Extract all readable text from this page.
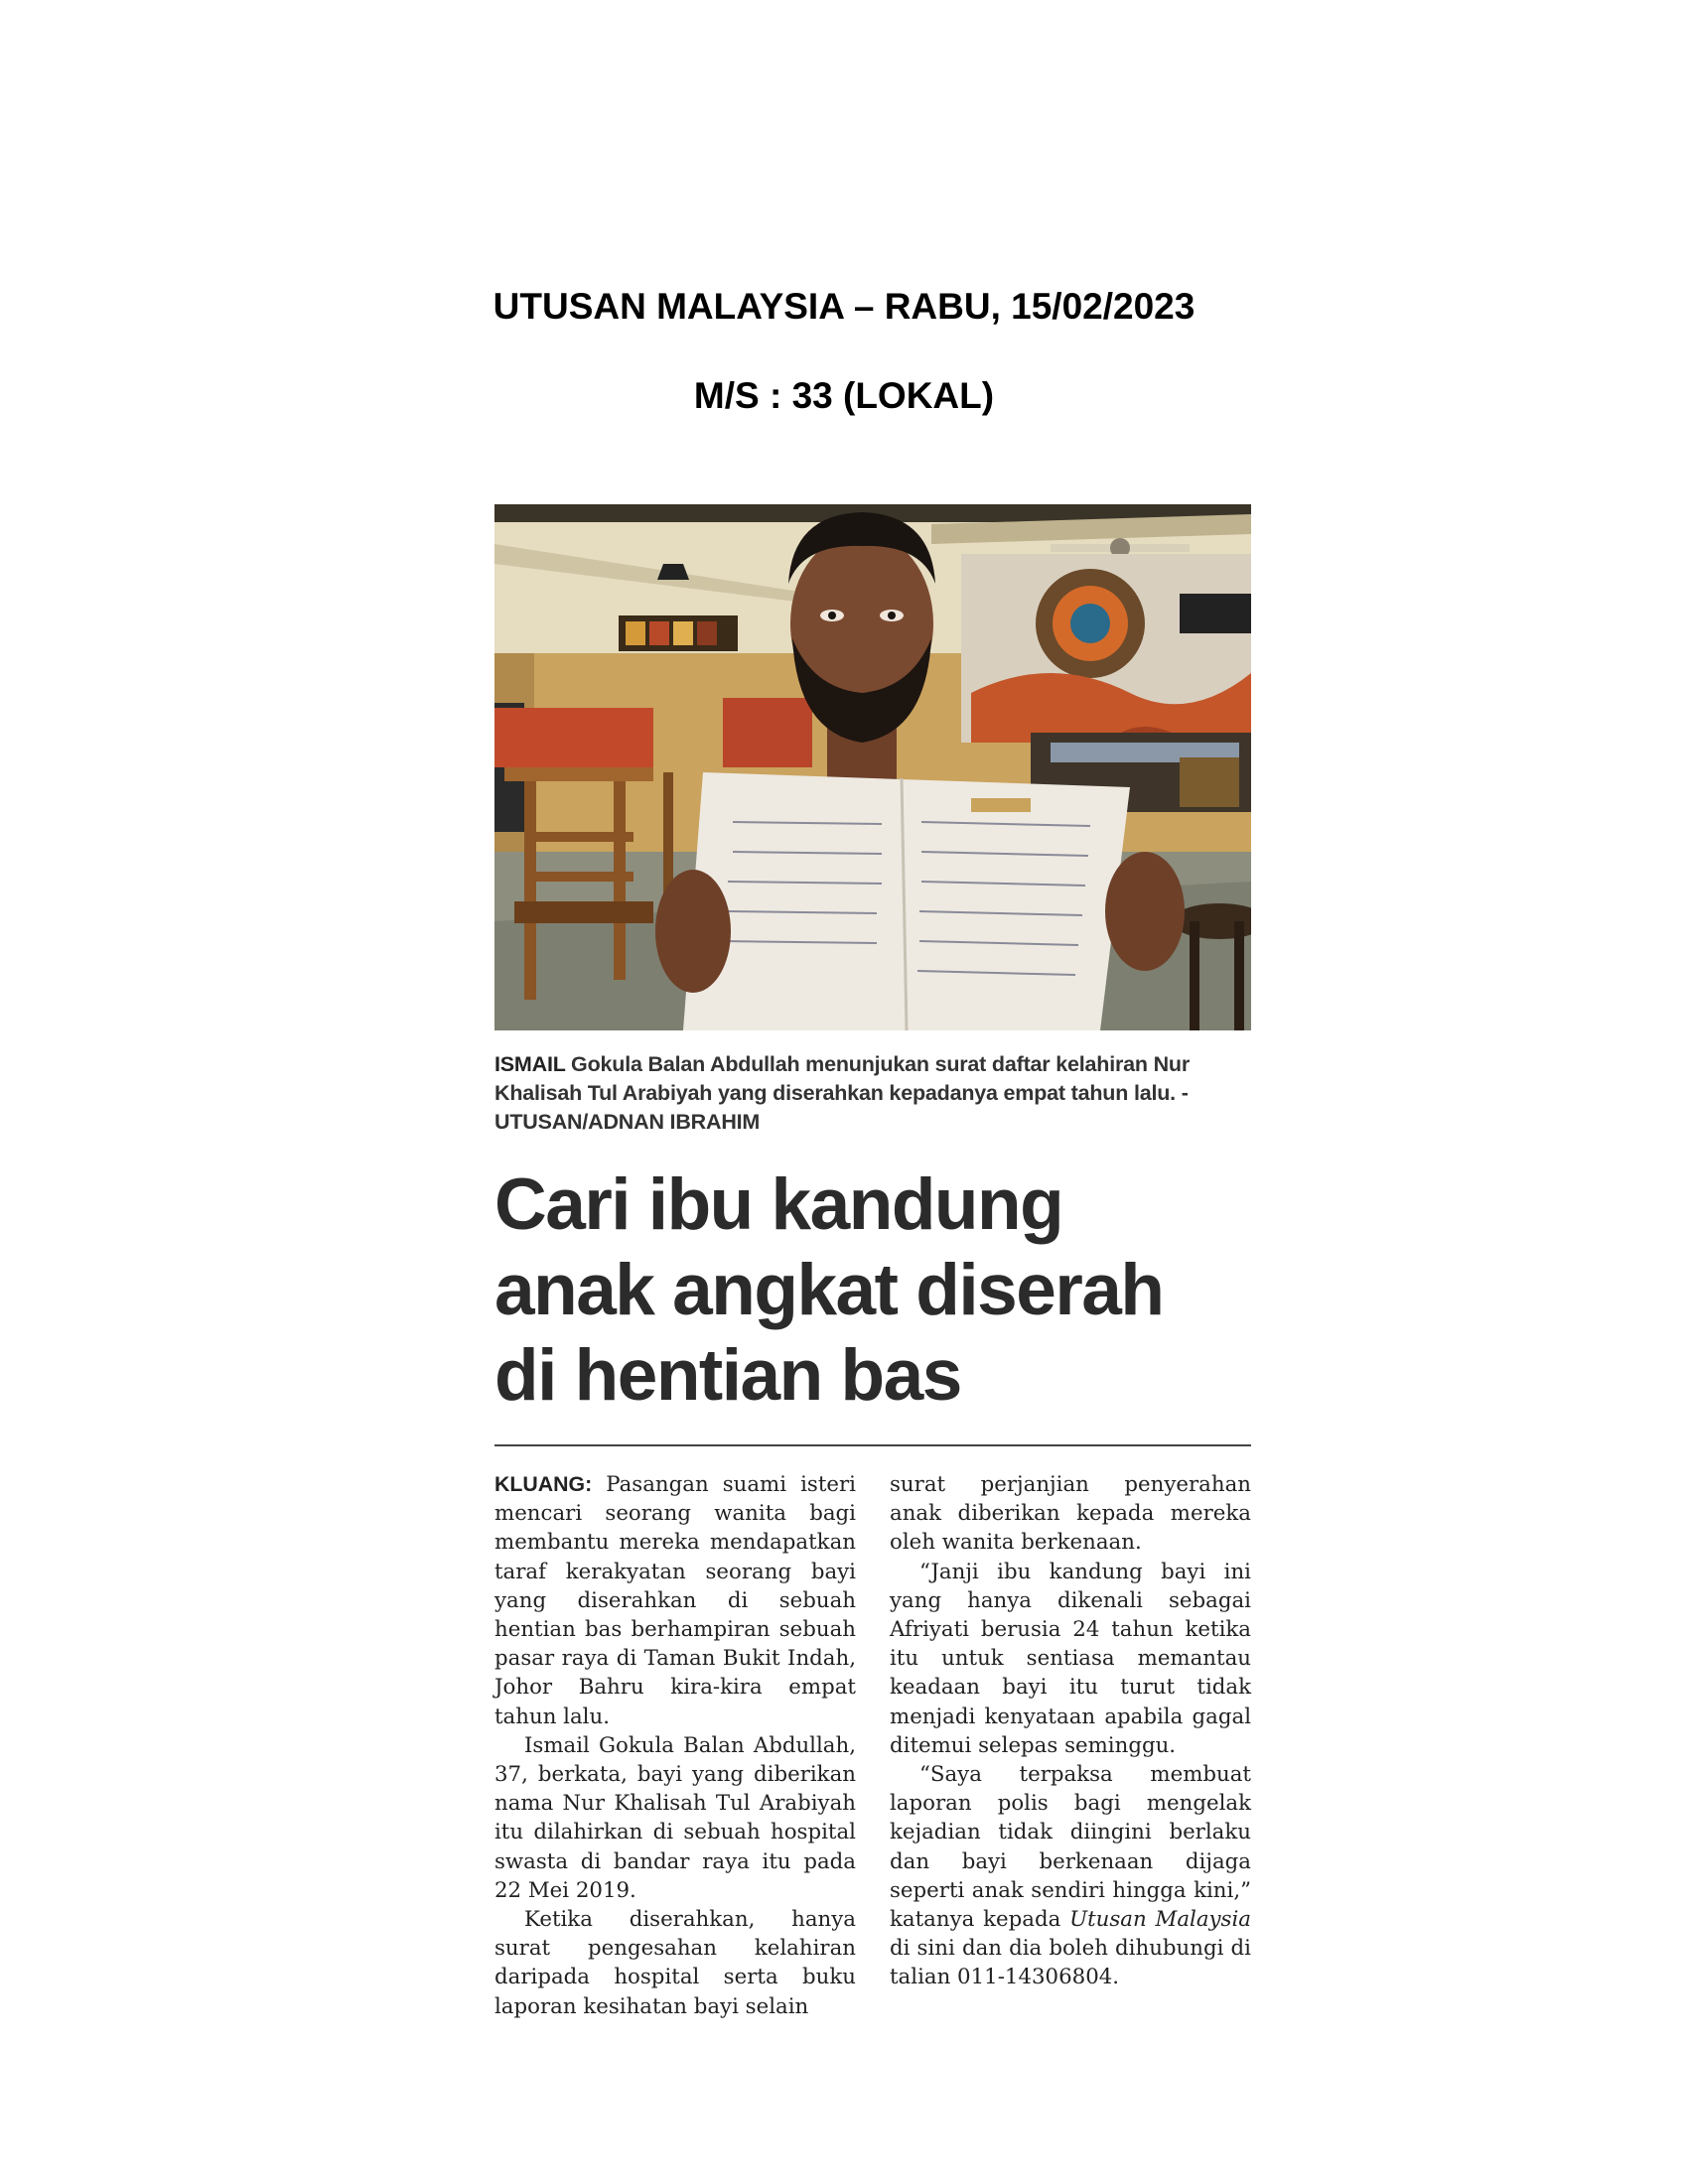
UTUSAN MALAYSIA – RABU, 15/02/2023
M/S : 33 (LOKAL)
ISMAIL Gokula Balan Abdullah menunjukan surat daftar kelahiran Nur Khalisah Tul Arabiyah yang diserahkan kepadanya empat tahun lalu. - UTUSAN/ADNAN IBRAHIM
Cari ibu kandung
anak angkat diserah
di hentian bas

KLUANG: Pasangan suami isteri mencari seorang wanita bagi membantu mereka mendapatkan taraf kerakyatan seorang bayi yang diserahkan di sebuah hentian bas berhampiran sebuah pasar raya di Taman Bukit Indah, Johor Bahru kira-kira empat tahun lalu.

Ismail Gokula Balan Abdullah, 37, berkata, bayi yang diberikan nama Nur Khalisah Tul Arabiyah itu dilahirkan di sebuah hospital swasta di bandar raya itu pada 22 Mei 2019.

Ketika diserahkan, hanya surat pengesahan kelahiran daripada hospital serta buku laporan kesihatan bayi selain

surat perjanjian penyerahan anak diberikan kepada mereka oleh wanita berkenaan.

“Janji ibu kandung bayi ini yang hanya dikenali sebagai Afriyati berusia 24 tahun ketika itu untuk sentiasa memantau keadaan bayi itu turut tidak menjadi kenyataan apabila gagal ditemui selepas seminggu.

“Saya terpaksa membuat laporan polis bagi mengelak kejadian tidak diingini berlaku dan bayi berkenaan dijaga seperti anak sendiri hingga kini,” katanya kepada Utusan Malaysia di sini dan dia boleh dihubungi di talian 011-14306804.
